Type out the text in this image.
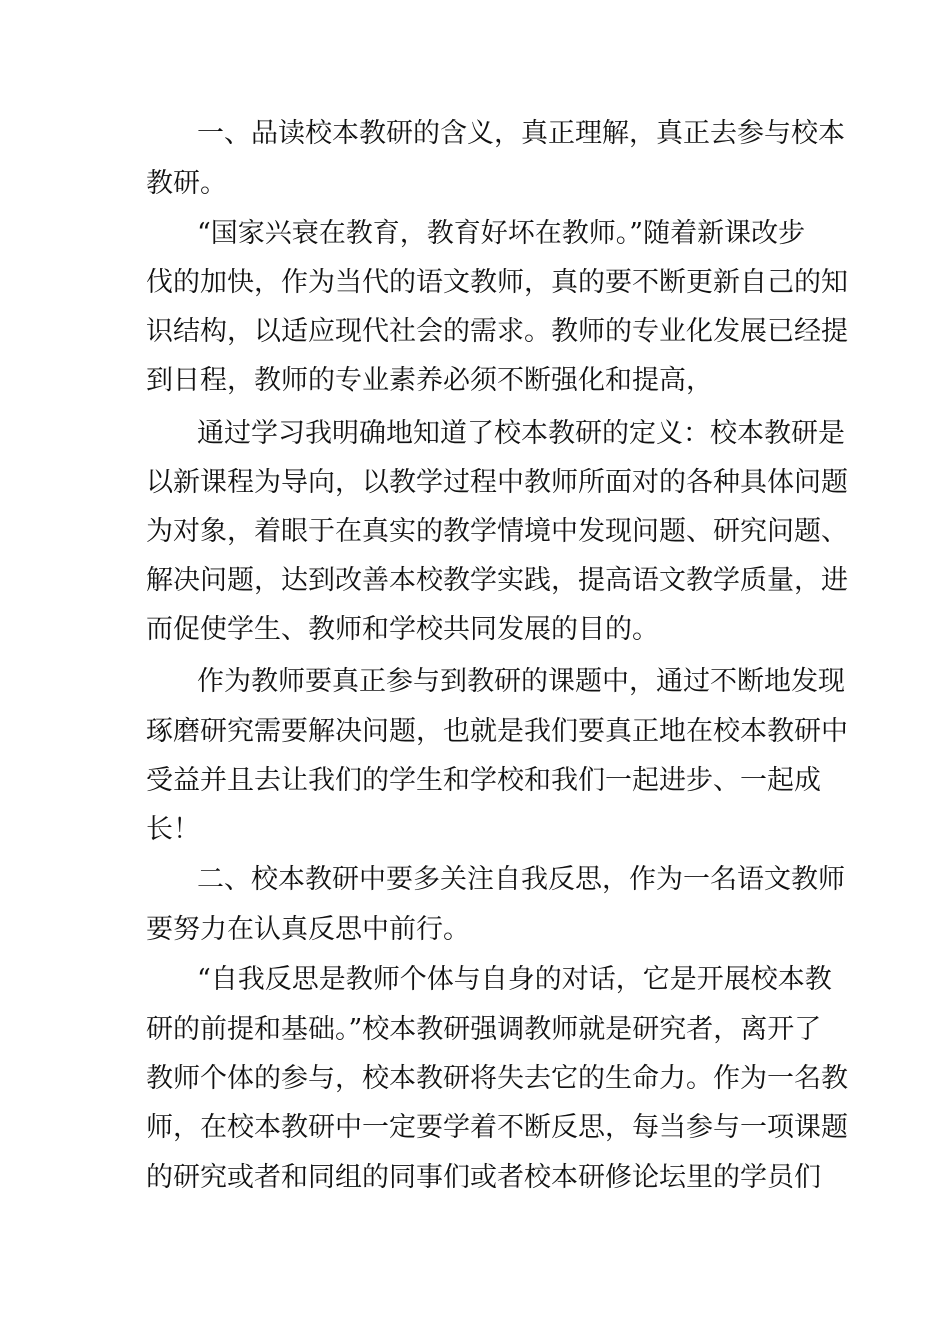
一、品读校本教研的含义，真正理解，真正去参与校本
教研。
“国家兴衰在教育，教育好坏在教师。”随着新课改步
伐的加快，作为当代的语文教师，真的要不断更新自己的知
识结构，以适应现代社会的需求。教师的专业化发展已经提
到日程，教师的专业素养必须不断强化和提高，
通过学习我明确地知道了校本教研的定义：校本教研是
以新课程为导向，以教学过程中教师所面对的各种具体问题
为对象，着眼于在真实的教学情境中发现问题、研究问题、
解决问题，达到改善本校教学实践，提高语文教学质量，进
而促使学生、教师和学校共同发展的目的。
作为教师要真正参与到教研的课题中，通过不断地发现
琢磨研究需要解决问题，也就是我们要真正地在校本教研中
受益并且去让我们的学生和学校和我们一起进步、一起成
长！
二、校本教研中要多关注自我反思，作为一名语文教师
要努力在认真反思中前行。
“自我反思是教师个体与自身的对话，它是开展校本教
研的前提和基础。”校本教研强调教师就是研究者，离开了
教师个体的参与，校本教研将失去它的生命力。作为一名教
师，在校本教研中一定要学着不断反思，每当参与一项课题
的研究或者和同组的同事们或者校本研修论坛里的学员们
